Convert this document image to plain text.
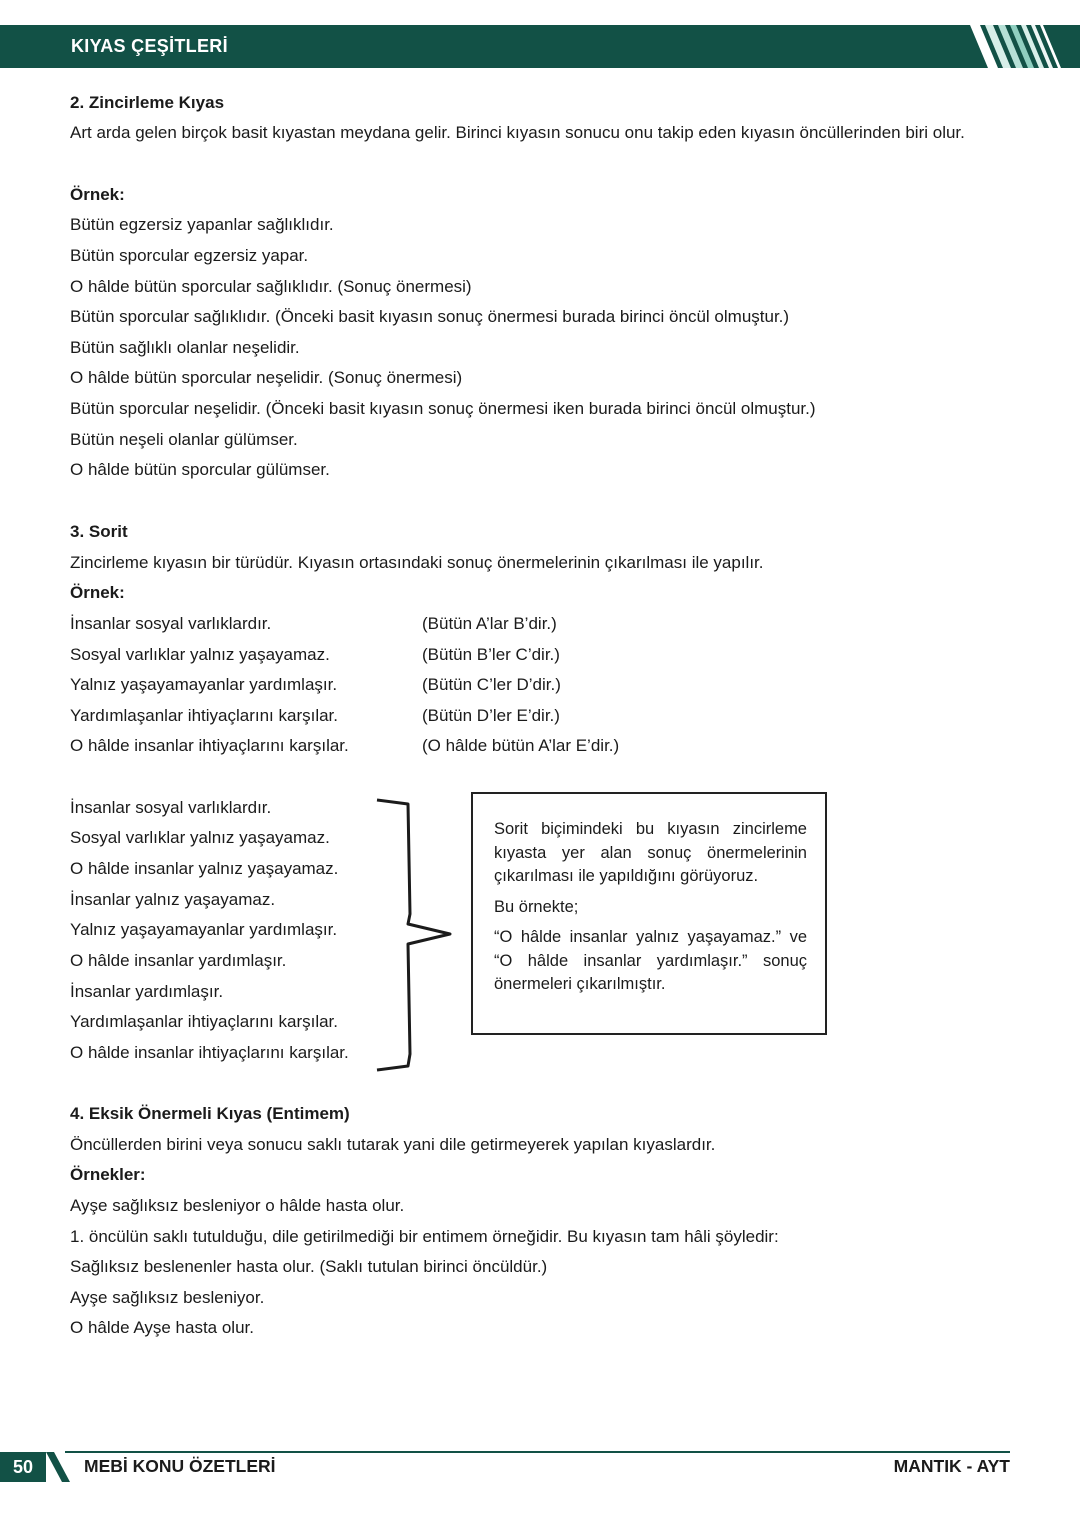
KIYAS ÇEŞİTLERİ
2. Zincirleme Kıyas
Art arda gelen birçok basit kıyastan meydana gelir. Birinci kıyasın sonucu onu takip eden kıyasın öncüllerinden biri olur.
Örnek:
Bütün egzersiz yapanlar sağlıklıdır.
Bütün sporcular egzersiz yapar.
O hâlde bütün sporcular sağlıklıdır. (Sonuç önermesi)
Bütün sporcular sağlıklıdır. (Önceki basit kıyasın sonuç önermesi burada birinci öncül olmuştur.)
Bütün sağlıklı olanlar neşelidir.
O hâlde bütün sporcular neşelidir. (Sonuç önermesi)
Bütün sporcular neşelidir. (Önceki basit kıyasın sonuç önermesi iken burada birinci öncül olmuştur.)
Bütün neşeli olanlar gülümser.
O hâlde bütün sporcular gülümser.
3. Sorit
Zincirleme kıyasın bir türüdür. Kıyasın ortasındaki sonuç önermelerinin çıkarılması ile yapılır.
Örnek:
İnsanlar sosyal varlıklardır.	(Bütün A’lar B’dir.)
Sosyal varlıklar yalnız yaşayamaz.	(Bütün B’ler C’dir.)
Yalnız yaşayamayanlar yardımlaşır.	(Bütün C’ler D’dir.)
Yardımlaşanlar ihtiyaçlarını karşılar.	(Bütün D’ler E’dir.)
O hâlde insanlar ihtiyaçlarını karşılar.	(O hâlde bütün A’lar E’dir.)
İnsanlar sosyal varlıklardır.
Sosyal varlıklar yalnız yaşayamaz.
O hâlde insanlar yalnız yaşayamaz.
İnsanlar yalnız yaşayamaz.
Yalnız yaşayamayanlar yardımlaşır.
O hâlde insanlar yardımlaşır.
İnsanlar yardımlaşır.
Yardımlaşanlar ihtiyaçlarını karşılar.
O hâlde insanlar ihtiyaçlarını karşılar.
4. Eksik Önermeli Kıyas (Entimem)
Öncüllerden birini veya sonucu saklı tutarak yani dile getirmeyerek yapılan kıyaslardır.
Örnekler:
Ayşe sağlıksız besleniyor o hâlde hasta olur.
1. öncülün saklı tutulduğu, dile getirilmediği bir entimem örneğidir. Bu kıyasın tam hâli şöyledir:
Sağlıksız beslenenler hasta olur. (Saklı tutulan birinci öncüldür.)
Ayşe sağlıksız besleniyor.
O hâlde Ayşe hasta olur.

Sorit biçimindeki bu kıyasın zincirleme kıyasta yer alan sonuç önermelerinin çıkarılması ile yapıldığını görüyoruz.

Bu örnekte;

“O hâlde insanlar yalnız yaşayamaz.” ve “O hâlde insanlar yardımlaşır.” sonuç önermeleri çıkarılmıştır.

50	MEBİ KONU ÖZETLERİ	MANTIK - AYT
